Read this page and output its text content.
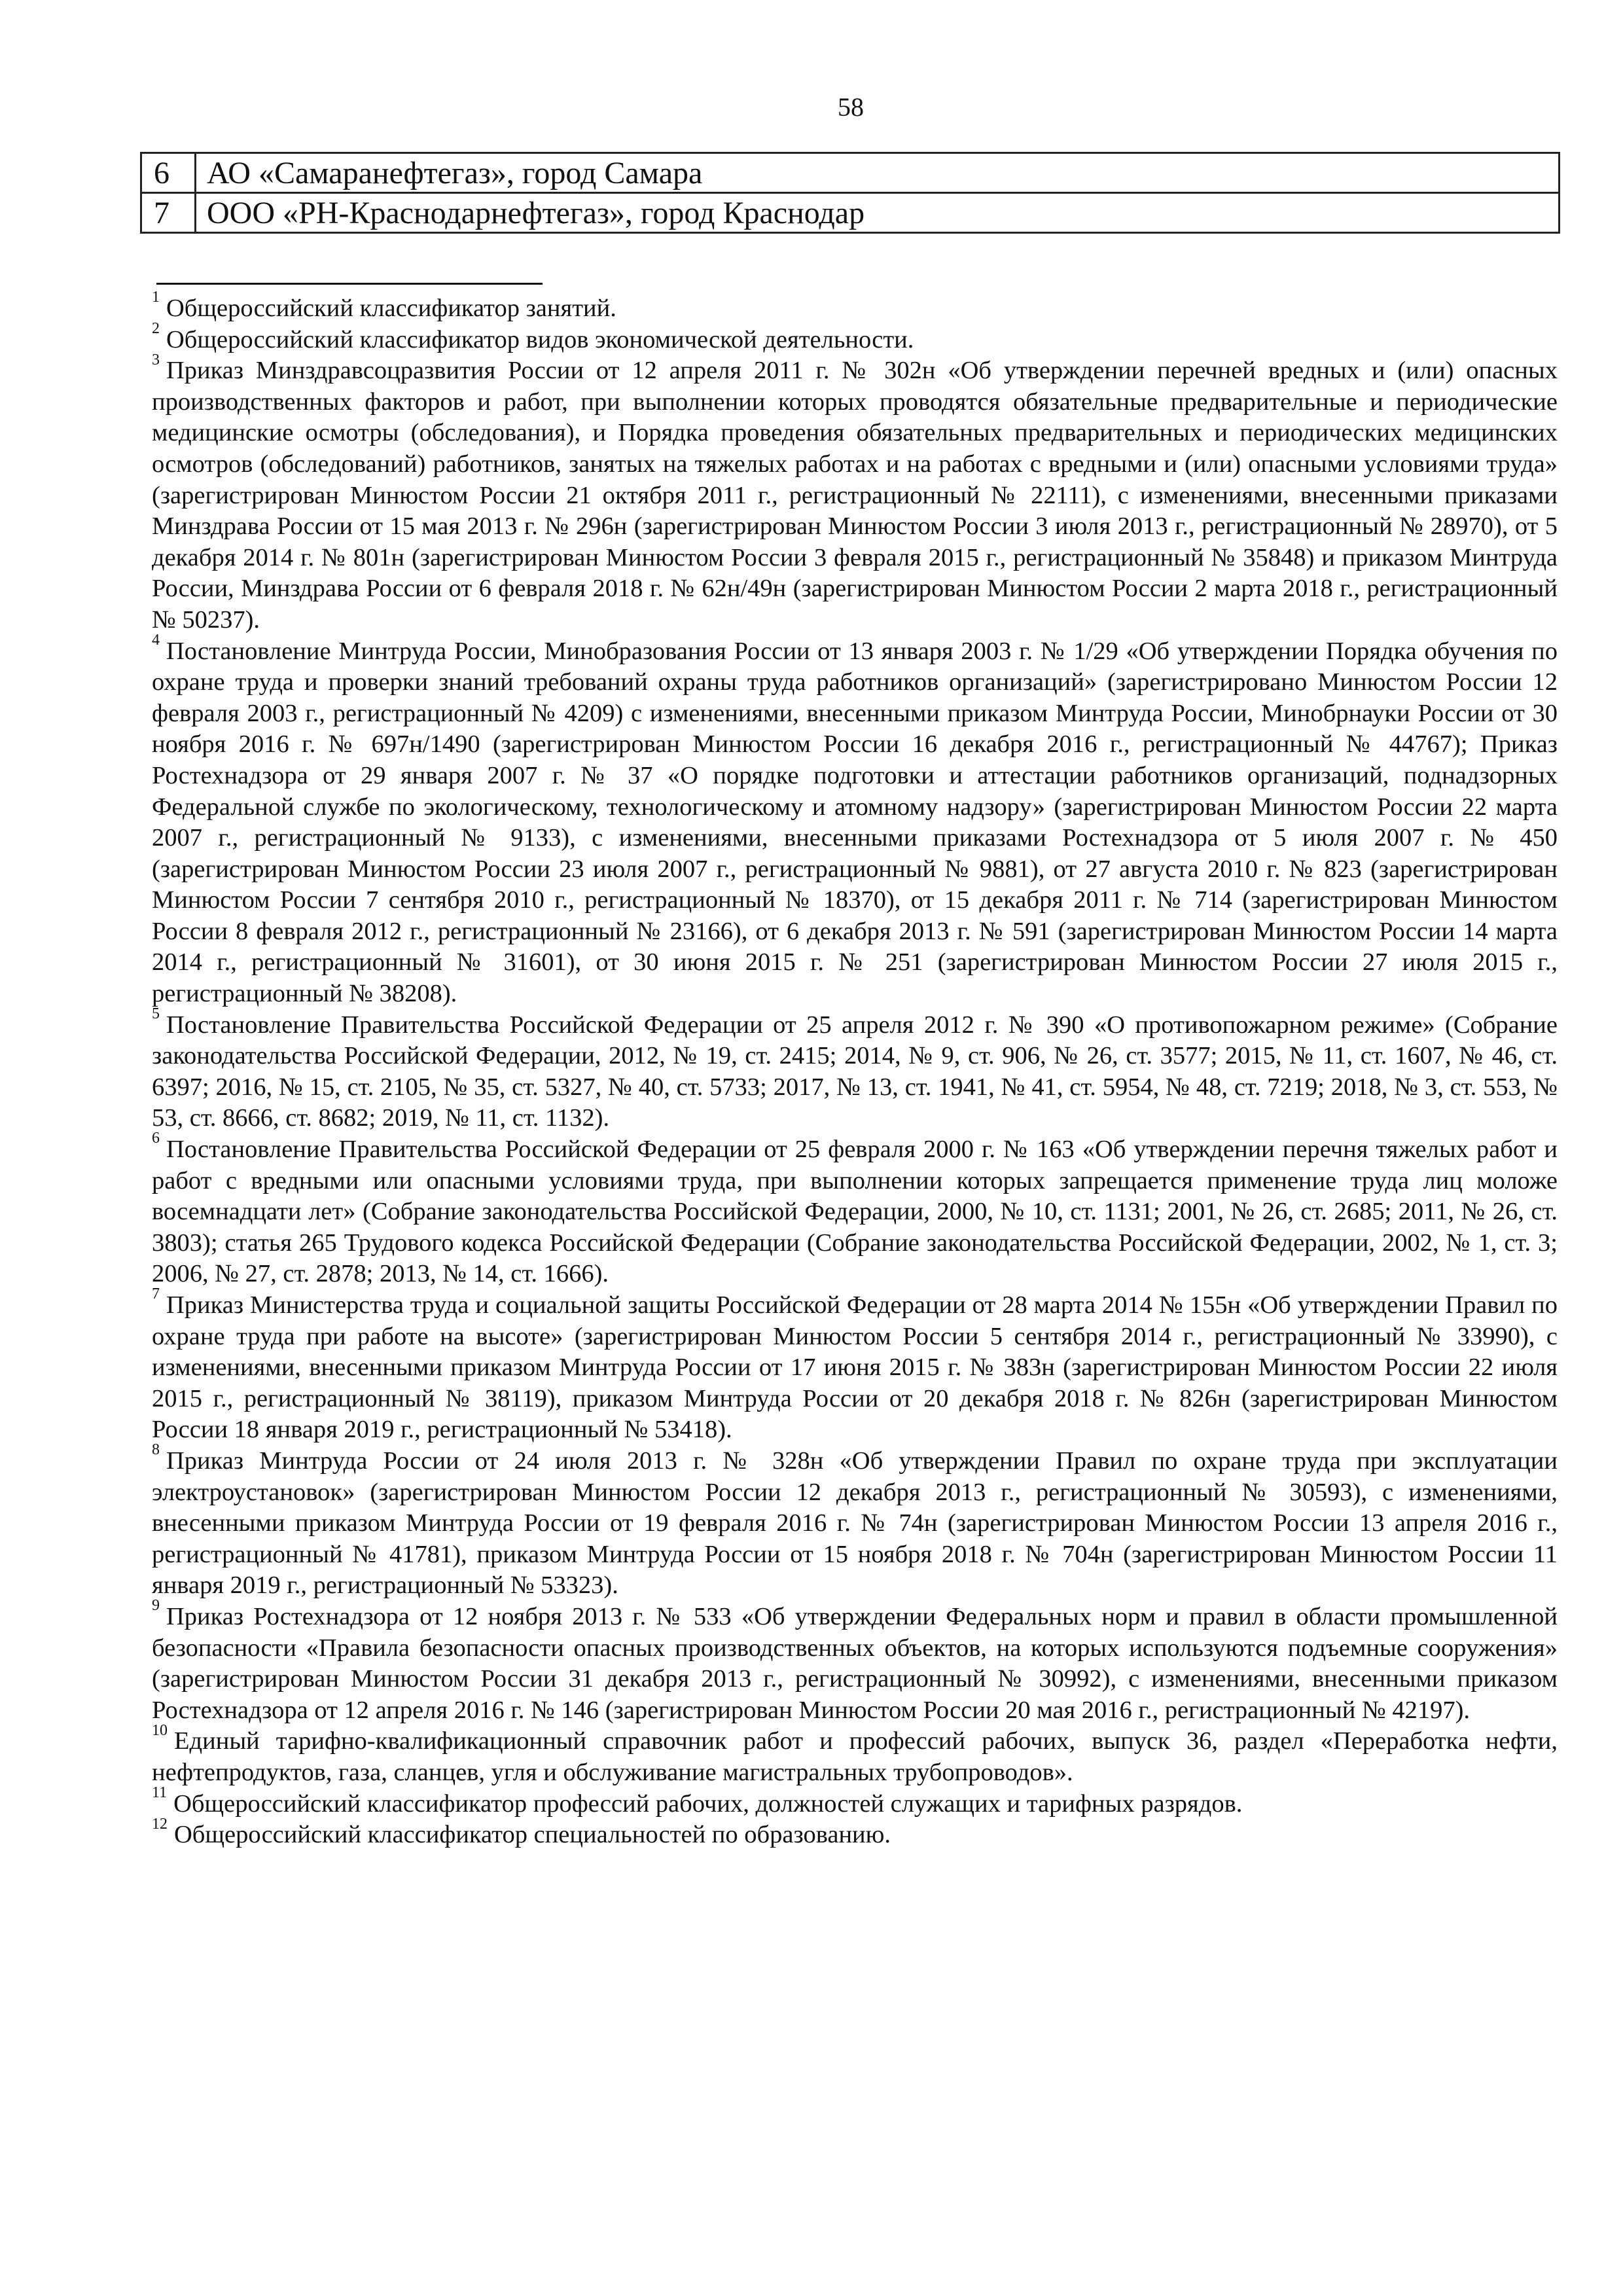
58
6	АО «Самаранефтегаз», город Самара
7	ООО «РН-Краснодарнефтегаз», город Краснодар

$^1$ Общероссийский классификатор занятий.

$^2$ Общероссийский классификатор видов экономической деятельности.

$^3$ Приказ Минздравсоцразвития России от 12 апреля 2011 г. № 302н «Об утверждении перечней вредных и (или) опасных производственных факторов и работ, при выполнении которых проводятся обязательные предварительные и периодические медицинские осмотры (обследования), и Порядка проведения обязательных предварительных и периодических медицинских осмотров (обследований) работников, занятых на тяжелых работах и на работах с вредными и (или) опасными условиями труда» (зарегистрирован Минюстом России 21 октября 2011 г., регистрационный № 22111), с изменениями, внесенными приказами Минздрава России от 15 мая 2013 г. № 296н (зарегистрирован Минюстом России 3 июля 2013 г., регистрационный № 28970), от 5 декабря 2014 г. № 801н (зарегистрирован Минюстом России 3 февраля 2015 г., регистрационный № 35848) и приказом Минтруда России, Минздрава России от 6 февраля 2018 г. № 62н/49н (зарегистрирован Минюстом России 2 марта 2018 г., регистрационный № 50237).

$^4$ Постановление Минтруда России, Минобразования России от 13 января 2003 г. № 1/29 «Об утверждении Порядка обучения по охране труда и проверки знаний требований охраны труда работников организаций» (зарегистрировано Минюстом России 12 февраля 2003 г., регистрационный № 4209) с изменениями, внесенными приказом Минтруда России, Минобрнауки России от 30 ноября 2016 г. № 697н/1490 (зарегистрирован Минюстом России 16 декабря 2016 г., регистрационный № 44767); Приказ Ростехнадзора от 29 января 2007 г. № 37 «О порядке подготовки и аттестации работников организаций, поднадзорных Федеральной службе по экологическому, технологическому и атомному надзору» (зарегистрирован Минюстом России 22 марта 2007 г., регистрационный № 9133), с изменениями, внесенными приказами Ростехнадзора от 5 июля 2007 г. № 450 (зарегистрирован Минюстом России 23 июля 2007 г., регистрационный № 9881), от 27 августа 2010 г. № 823 (зарегистрирован Минюстом России 7 сентября 2010 г., регистрационный № 18370), от 15 декабря 2011 г. № 714 (зарегистрирован Минюстом России 8 февраля 2012 г., регистрационный № 23166), от 6 декабря 2013 г. № 591 (зарегистрирован Минюстом России 14 марта 2014 г., регистрационный № 31601), от 30 июня 2015 г. № 251 (зарегистрирован Минюстом России 27 июля 2015 г., регистрационный № 38208).

$^5$ Постановление Правительства Российской Федерации от 25 апреля 2012 г. № 390 «О противопожарном режиме» (Собрание законодательства Российской Федерации, 2012, № 19, ст. 2415; 2014, № 9, ст. 906, № 26, ст. 3577; 2015, № 11, ст. 1607, № 46, ст. 6397; 2016, № 15, ст. 2105, № 35, ст. 5327, № 40, ст. 5733; 2017, № 13, ст. 1941, № 41, ст. 5954, № 48, ст. 7219; 2018, № 3, ст. 553, № 53, ст. 8666, ст. 8682; 2019, № 11, ст. 1132).

$^6$ Постановление Правительства Российской Федерации от 25 февраля 2000 г. № 163 «Об утверждении перечня тяжелых работ и работ с вредными или опасными условиями труда, при выполнении которых запрещается применение труда лиц моложе восемнадцати лет» (Собрание законодательства Российской Федерации, 2000, № 10, ст. 1131; 2001, № 26, ст. 2685; 2011, № 26, ст. 3803); статья 265 Трудового кодекса Российской Федерации (Собрание законодательства Российской Федерации, 2002, № 1, ст. 3; 2006, № 27, ст. 2878; 2013, № 14, ст. 1666).

$^7$ Приказ Министерства труда и социальной защиты Российской Федерации от 28 марта 2014 № 155н «Об утверждении Правил по охране труда при работе на высоте» (зарегистрирован Минюстом России 5 сентября 2014 г., регистрационный № 33990), с изменениями, внесенными приказом Минтруда России от 17 июня 2015 г. № 383н (зарегистрирован Минюстом России 22 июля 2015 г., регистрационный № 38119), приказом Минтруда России от 20 декабря 2018 г. № 826н (зарегистрирован Минюстом России 18 января 2019 г., регистрационный № 53418).

$^8$ Приказ Минтруда России от 24 июля 2013 г. № 328н «Об утверждении Правил по охране труда при эксплуатации электроустановок» (зарегистрирован Минюстом России 12 декабря 2013 г., регистрационный № 30593), с изменениями, внесенными приказом Минтруда России от 19 февраля 2016 г. № 74н (зарегистрирован Минюстом России 13 апреля 2016 г., регистрационный № 41781), приказом Минтруда России от 15 ноября 2018 г. № 704н (зарегистрирован Минюстом России 11 января 2019 г., регистрационный № 53323).

$^9$ Приказ Ростехнадзора от 12 ноября 2013 г. № 533 «Об утверждении Федеральных норм и правил в области промышленной безопасности «Правила безопасности опасных производственных объектов, на которых используются подъемные сооружения» (зарегистрирован Минюстом России 31 декабря 2013 г., регистрационный № 30992), с изменениями, внесенными приказом Ростехнадзора от 12 апреля 2016 г. № 146 (зарегистрирован Минюстом России 20 мая 2016 г., регистрационный № 42197).

$^{10}$ Единый тарифно-квалификационный справочник работ и профессий рабочих, выпуск 36, раздел «Переработка нефти, нефтепродуктов, газа, сланцев, угля и обслуживание магистральных трубопроводов».

$^{11}$ Общероссийский классификатор профессий рабочих, должностей служащих и тарифных разрядов.

$^{12}$ Общероссийский классификатор специальностей по образованию.
